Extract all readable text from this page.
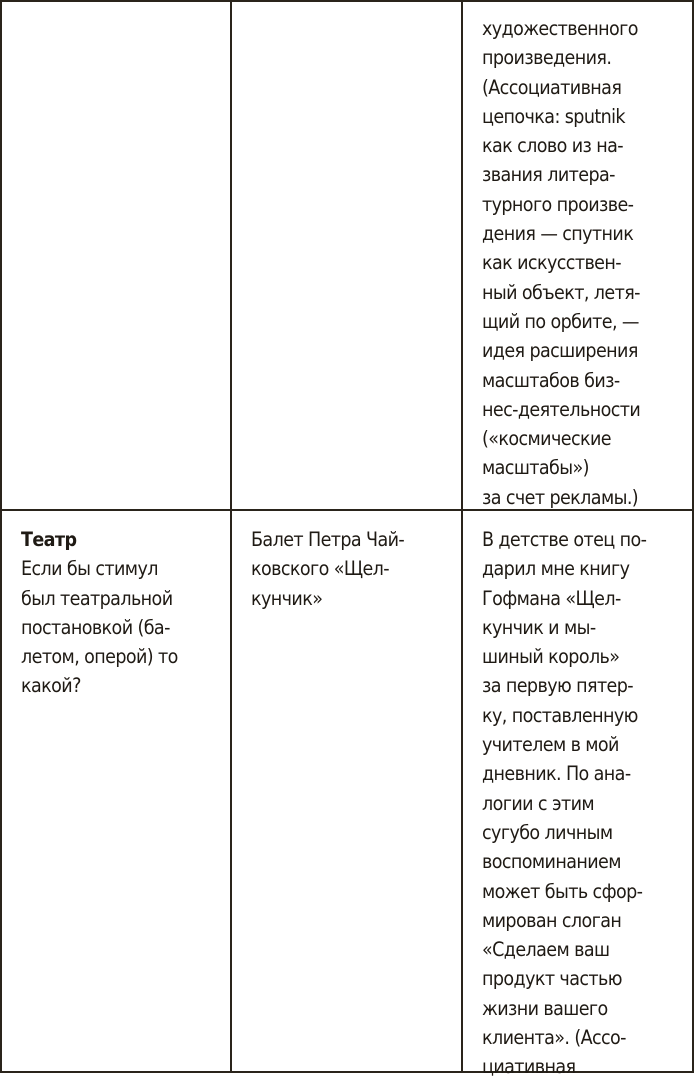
художественного
произведения.
(Ассоциативная
цепочка: sputnik
как слово из на-
звания литера-
турного произве-
дения — спутник
как искусствен-
ный объект, летя-
щий по орбите, —
идея расширения
масштабов биз-
нес-деятельности
(«космические
масштабы»)
за счет рекламы.)
Театр
Если бы стимул
был театральной
постановкой (ба-
летом, оперой) то
какой?
Балет Петра Чай-
ковского «Щел-
кунчик»
В детстве отец по-
дарил мне книгу
Гофмана «Щел-
кунчик и мы-
шиный король»
за первую пятер-
ку, поставленную
учителем в мой
дневник. По ана-
логии с этим
сугубо личным
воспоминанием
может быть сфор-
мирован слоган
«Сделаем ваш
продукт частью
жизни вашего
клиента». (Ассо-
циативная
